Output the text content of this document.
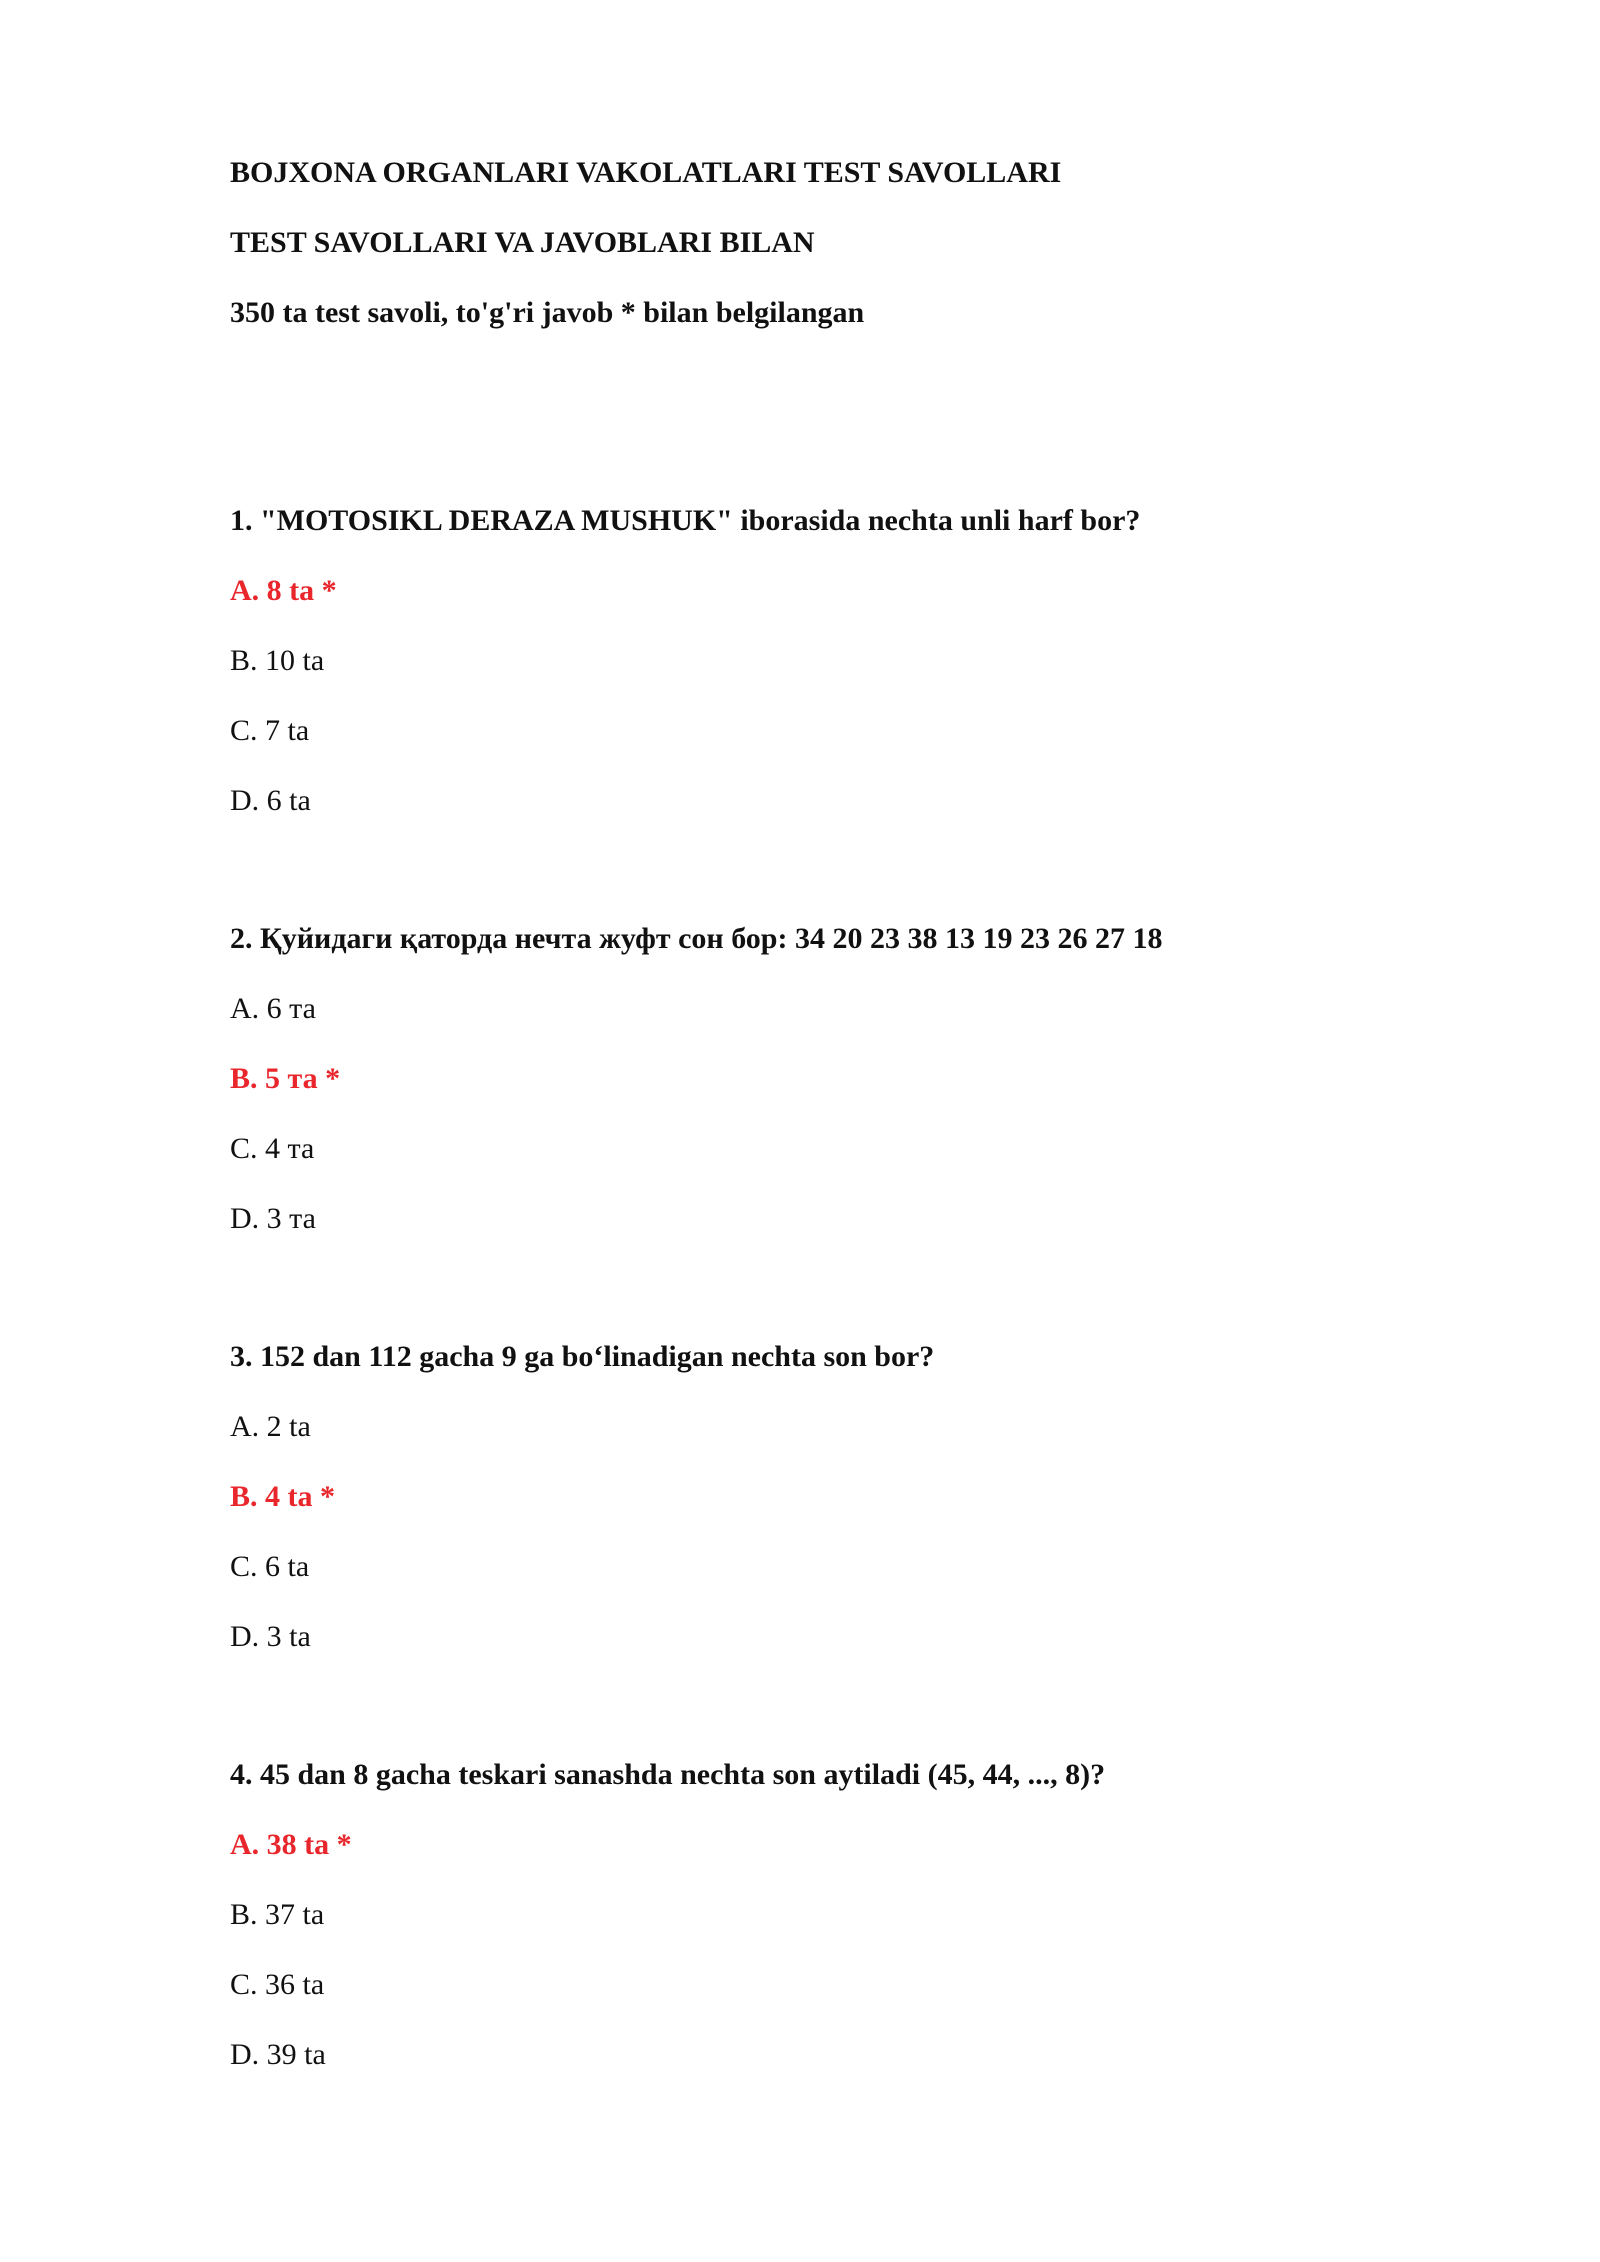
BOJXONA ORGANLARI VAKOLATLARI TEST SAVOLLARI
TEST SAVOLLARI VA JAVOBLARI BILAN
350 ta test savoli, to'g'ri javob * bilan belgilangan
1. "MOTOSIKL DERAZA MUSHUK" iborasida nechta unli harf bor?
A. 8 ta *
B. 10 ta
C. 7 ta
D. 6 ta
2. Қуйидаги қаторда нечта жуфт сон бор: 34 20 23 38 13 19 23 26 27 18
A. 6 та
B. 5 та *
C. 4 та
D. 3 та
3. 152 dan 112 gacha 9 ga bo‘linadigan nechta son bor?
A. 2 ta
B. 4 ta *
C. 6 ta
D. 3 ta
4. 45 dan 8 gacha teskari sanashda nechta son aytiladi (45, 44, ..., 8)?
A. 38 ta *
B. 37 ta
C. 36 ta
D. 39 ta
